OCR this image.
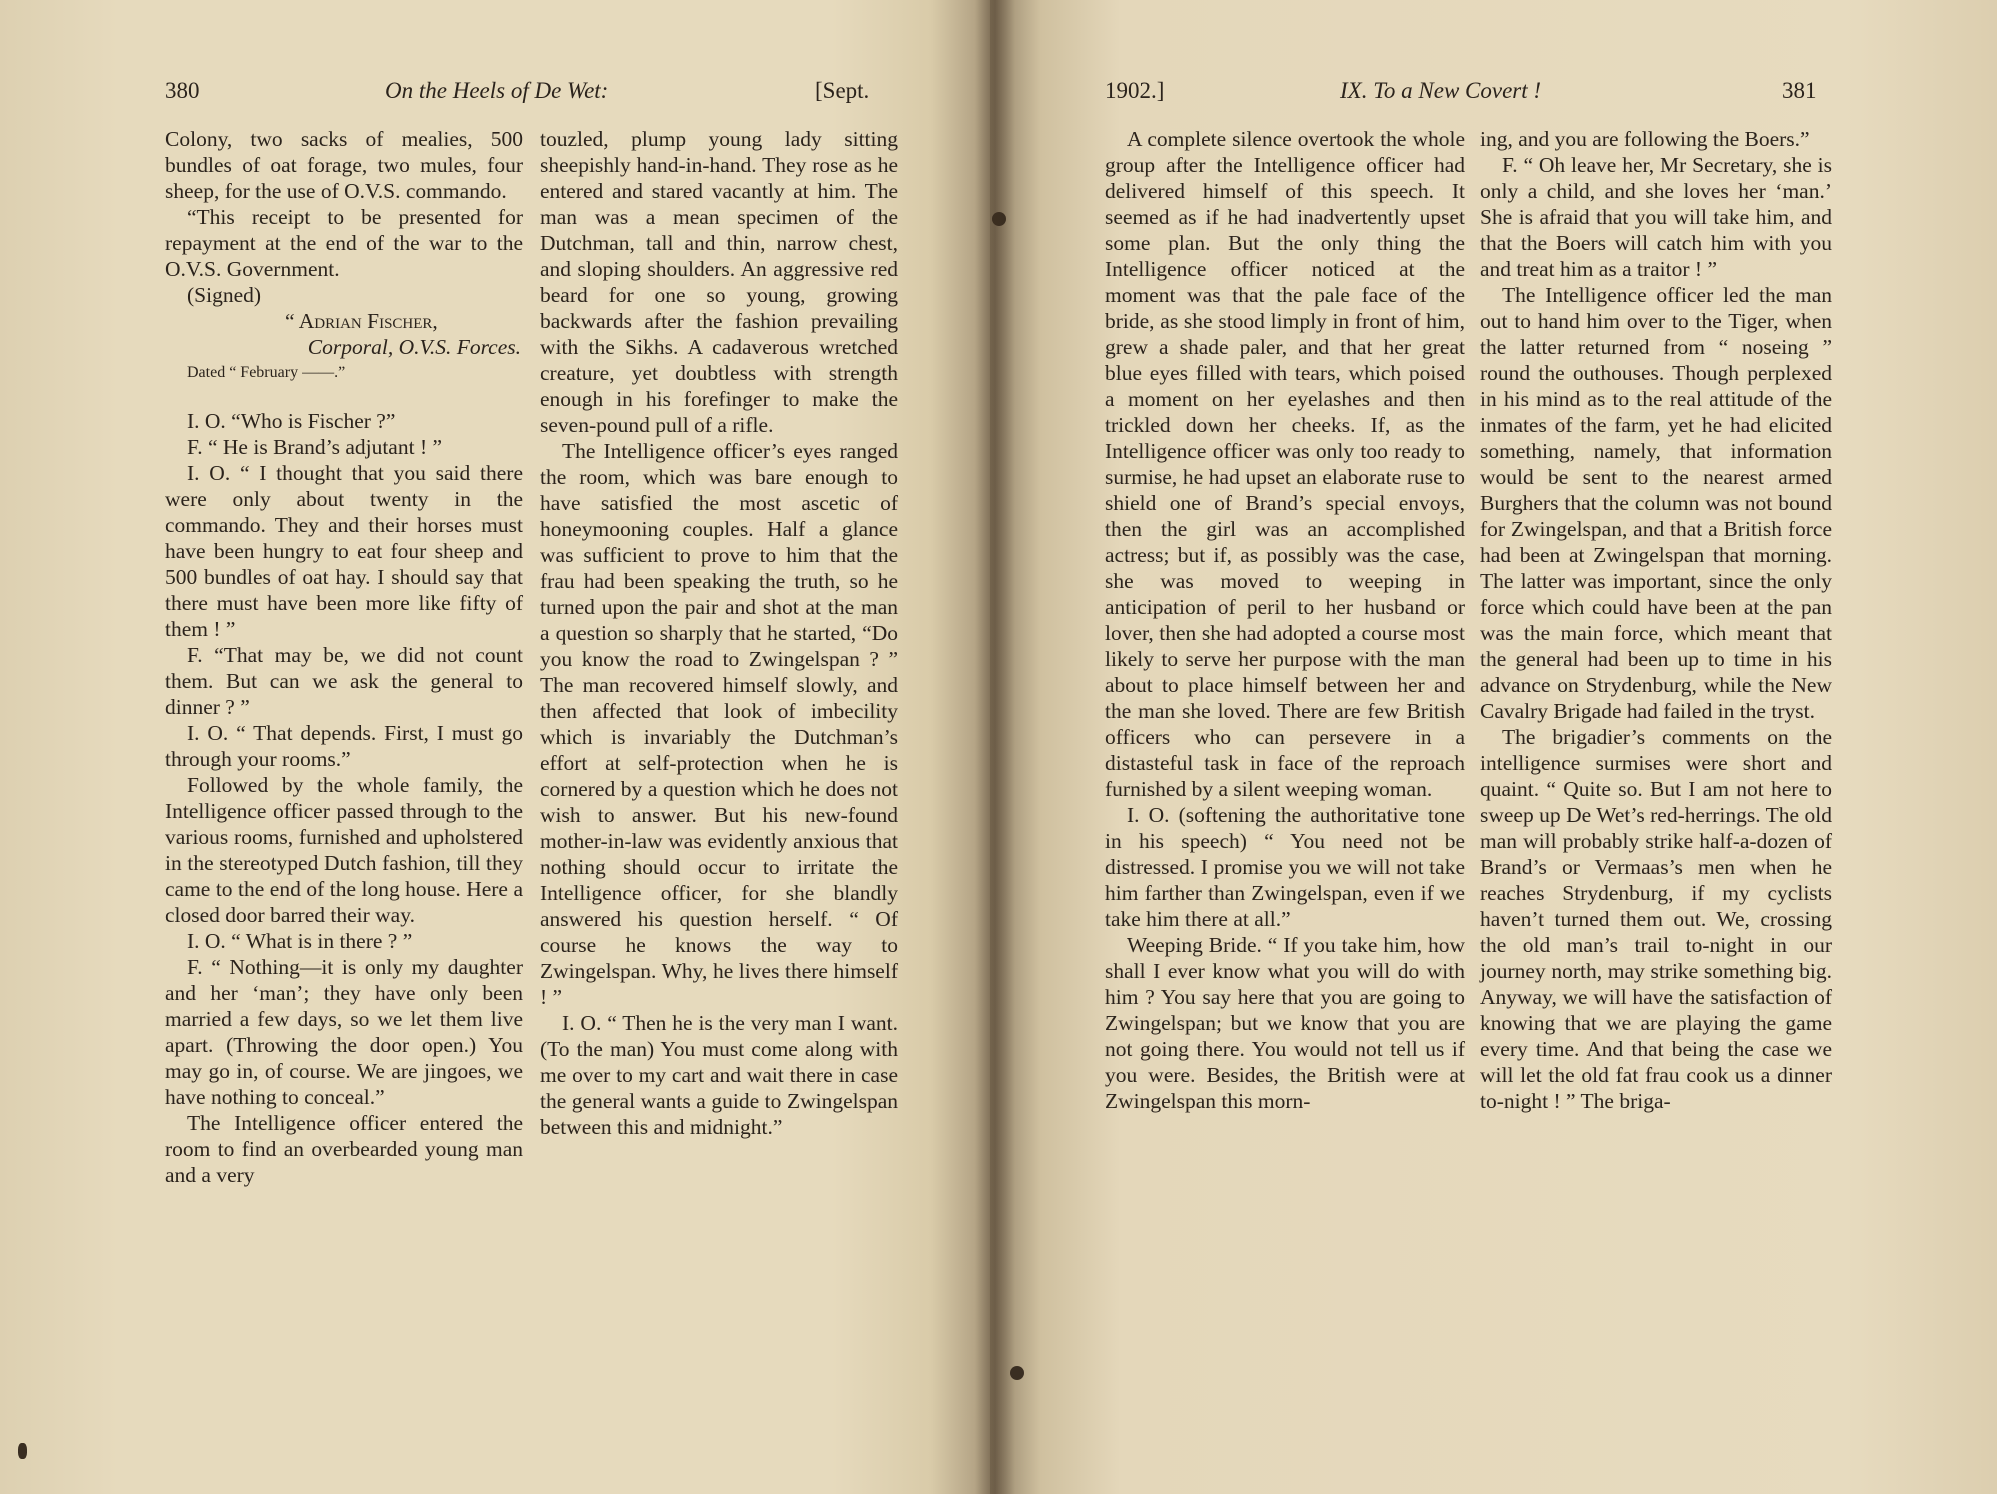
380	On the Heels of De Wet:	[Sept.

Colony, two sacks of mealies, 500 bundles of oat forage, two mules, four sheep, for the use of O.V.S. commando.

“This receipt to be presented for repayment at the end of the war to the O.V.S. Government.

(Signed)

“ Adrian Fischer,

Corporal, O.V.S. Forces.

Dated “ February ——.”

I. O. “Who is Fischer ?”

F. “ He is Brand’s adjutant ! ”

I. O. “ I thought that you said there were only about twenty in the commando. They and their horses must have been hungry to eat four sheep and 500 bundles of oat hay. I should say that there must have been more like fifty of them ! ”

F. “That may be, we did not count them. But can we ask the general to dinner ? ”

I. O. “ That depends. First, I must go through your rooms.”

Followed by the whole family, the Intelligence officer passed through to the various rooms, furnished and upholstered in the stereotyped Dutch fashion, till they came to the end of the long house. Here a closed door barred their way.

I. O. “ What is in there ? ”

F. “ Nothing—it is only my daughter and her ‘man’; they have only been married a few days, so we let them live apart. (Throwing the door open.) You may go in, of course. We are jingoes, we have nothing to conceal.”

The Intelligence officer entered the room to find an overbearded young man and a very

touzled, plump young lady sitting sheepishly hand-in-hand. They rose as he entered and stared vacantly at him. The man was a mean specimen of the Dutchman, tall and thin, narrow chest, and sloping shoulders. An aggressive red beard for one so young, growing backwards after the fashion prevailing with the Sikhs. A cadaverous wretched creature, yet doubtless with strength enough in his forefinger to make the seven-pound pull of a rifle.

The Intelligence officer’s eyes ranged the room, which was bare enough to have satisfied the most ascetic of honeymooning couples. Half a glance was sufficient to prove to him that the frau had been speaking the truth, so he turned upon the pair and shot at the man a question so sharply that he started, “Do you know the road to Zwingelspan ? ” The man recovered himself slowly, and then affected that look of imbecility which is invariably the Dutchman’s effort at self-protection when he is cornered by a question which he does not wish to answer. But his new-found mother-in-law was evidently anxious that nothing should occur to irritate the Intelligence officer, for she blandly answered his question herself. “ Of course he knows the way to Zwingelspan. Why, he lives there himself ! ”

I. O. “ Then he is the very man I want. (To the man) You must come along with me over to my cart and wait there in case the general wants a guide to Zwingelspan between this and midnight.”

1902.]	IX. To a New Covert !	381

A complete silence overtook the whole group after the Intelligence officer had delivered himself of this speech. It seemed as if he had inadvertently upset some plan. But the only thing the Intelligence officer noticed at the moment was that the pale face of the bride, as she stood limply in front of him, grew a shade paler, and that her great blue eyes filled with tears, which poised a moment on her eyelashes and then trickled down her cheeks. If, as the Intelligence officer was only too ready to surmise, he had upset an elaborate ruse to shield one of Brand’s special envoys, then the girl was an accomplished actress; but if, as possibly was the case, she was moved to weeping in anticipation of peril to her husband or lover, then she had adopted a course most likely to serve her purpose with the man about to place himself between her and the man she loved. There are few British officers who can persevere in a distasteful task in face of the reproach furnished by a silent weeping woman.

I. O. (softening the authoritative tone in his speech) “ You need not be distressed. I promise you we will not take him farther than Zwingelspan, even if we take him there at all.”

Weeping Bride. “ If you take him, how shall I ever know what you will do with him ? You say here that you are going to Zwingelspan; but we know that you are not going there. You would not tell us if you were. Besides, the British were at Zwingelspan this morn-

ing, and you are following the Boers.”

F. “ Oh leave her, Mr Secretary, she is only a child, and she loves her ‘man.’ She is afraid that you will take him, and that the Boers will catch him with you and treat him as a traitor ! ”

The Intelligence officer led the man out to hand him over to the Tiger, when the latter returned from “ noseing ” round the outhouses. Though perplexed in his mind as to the real attitude of the inmates of the farm, yet he had elicited something, namely, that information would be sent to the nearest armed Burghers that the column was not bound for Zwingelspan, and that a British force had been at Zwingelspan that morning. The latter was important, since the only force which could have been at the pan was the main force, which meant that the general had been up to time in his advance on Strydenburg, while the New Cavalry Brigade had failed in the tryst.

The brigadier’s comments on the intelligence surmises were short and quaint. “ Quite so. But I am not here to sweep up De Wet’s red-herrings. The old man will probably strike half-a-dozen of Brand’s or Vermaas’s men when he reaches Strydenburg, if my cyclists haven’t turned them out. We, crossing the old man’s trail to-night in our journey north, may strike something big. Anyway, we will have the satisfaction of knowing that we are playing the game every time. And that being the case we will let the old fat frau cook us a dinner to-night ! ” The briga-
